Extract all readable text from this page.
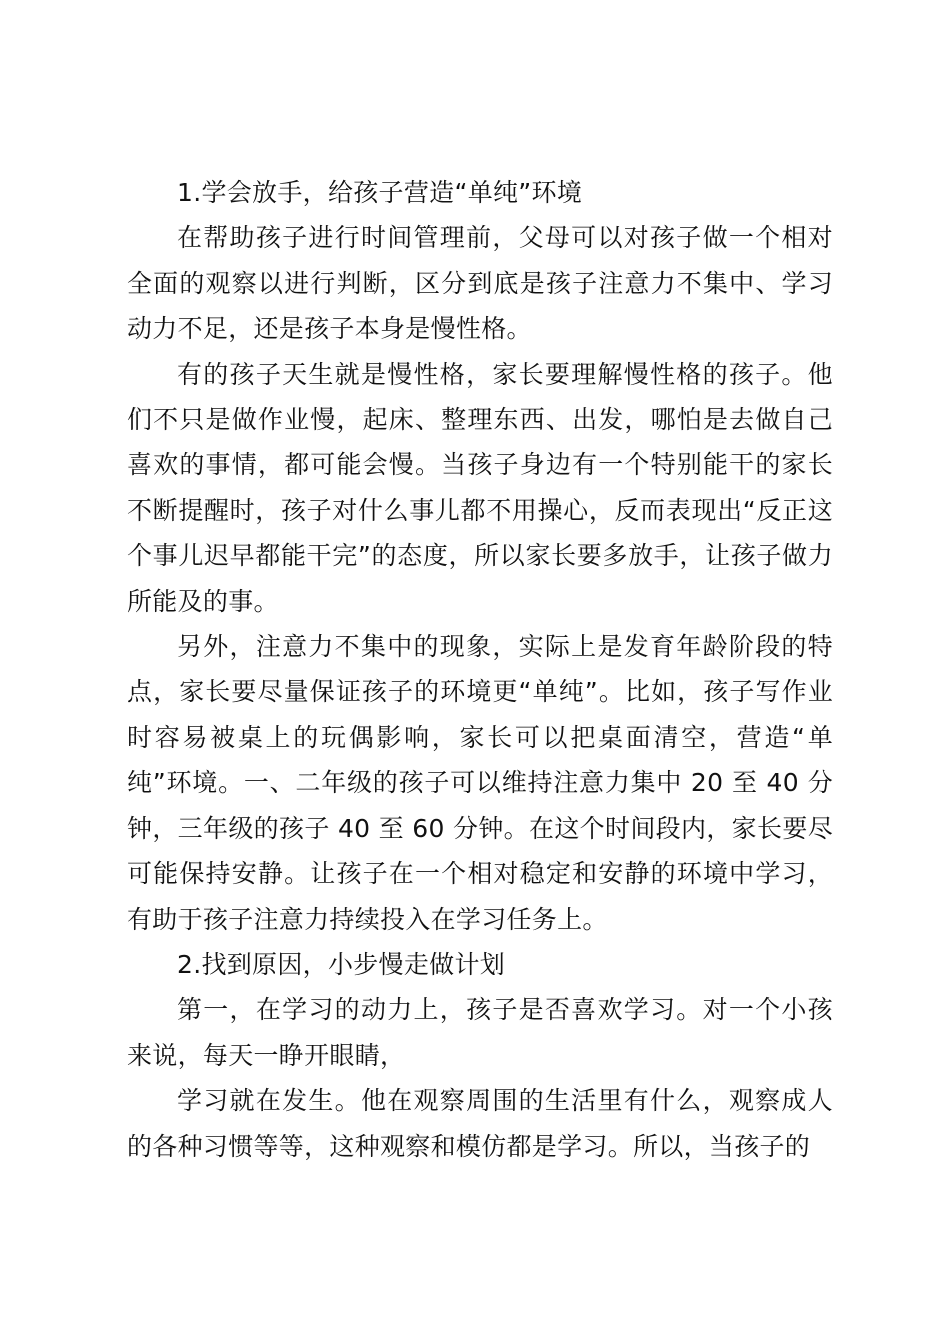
1.学会放手，给孩子营造“单纯”环境

在帮助孩子进行时间管理前，父母可以对孩子做一个相对全面的观察以进行判断，区分到底是孩子注意力不集中、学习动力不足，还是孩子本身是慢性格。

有的孩子天生就是慢性格，家长要理解慢性格的孩子。他们不只是做作业慢，起床、整理东西、出发，哪怕是去做自己喜欢的事情，都可能会慢。当孩子身边有一个特别能干的家长不断提醒时，孩子对什么事儿都不用操心，反而表现出“反正这个事儿迟早都能干完”的态度，所以家长要多放手，让孩子做力所能及的事。

另外，注意力不集中的现象，实际上是发育年龄阶段的特点，家长要尽量保证孩子的环境更“单纯”。比如，孩子写作业时容易被桌上的玩偶影响，家长可以把桌面清空，营造“单纯”环境。一、二年级的孩子可以维持注意力集中 20 至 40 分钟，三年级的孩子 40 至 60 分钟。在这个时间段内，家长要尽可能保持安静。让孩子在一个相对稳定和安静的环境中学习，有助于孩子注意力持续投入在学习任务上。

2.找到原因，小步慢走做计划

第一，在学习的动力上，孩子是否喜欢学习。对一个小孩来说，每天一睁开眼睛，

学习就在发生。他在观察周围的生活里有什么，观察成人的各种习惯等等，这种观察和模仿都是学习。所以，当孩子的
